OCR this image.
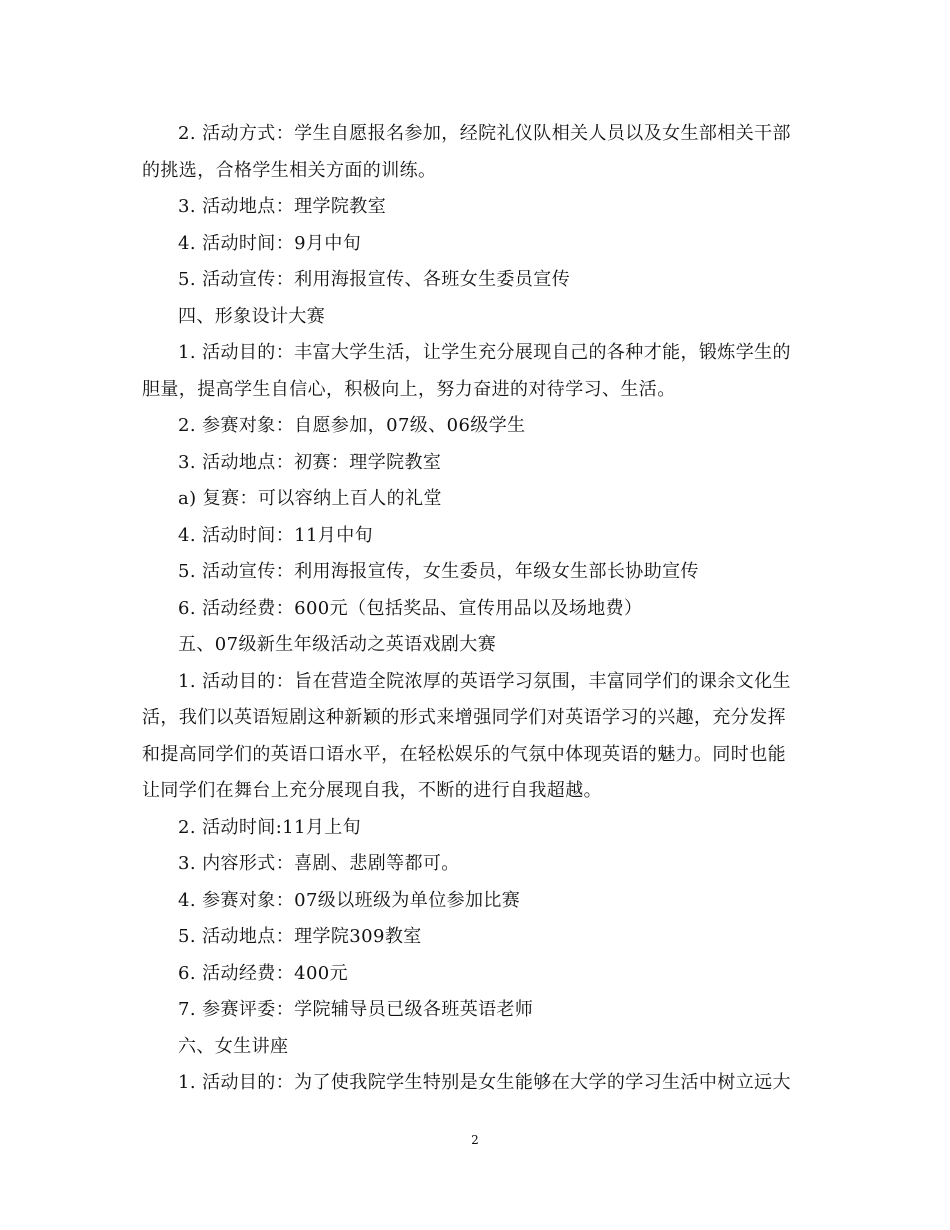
2. 活动方式：学生自愿报名参加，经院礼仪队相关人员以及女生部相关干部
的挑选，合格学生相关方面的训练。
3. 活动地点：理学院教室
4. 活动时间：9月中旬
5. 活动宣传：利用海报宣传、各班女生委员宣传
四、形象设计大赛
1. 活动目的：丰富大学生活，让学生充分展现自己的各种才能，锻炼学生的
胆量，提高学生自信心，积极向上，努力奋进的对待学习、生活。
2. 参赛对象：自愿参加，07级、06级学生
3. 活动地点：初赛：理学院教室
a) 复赛：可以容纳上百人的礼堂
4. 活动时间：11月中旬
5. 活动宣传：利用海报宣传，女生委员，年级女生部长协助宣传
6. 活动经费：600元（包括奖品、宣传用品以及场地费）
五、07级新生年级活动之英语戏剧大赛
1. 活动目的：旨在营造全院浓厚的英语学习氛围，丰富同学们的课余文化生
活，我们以英语短剧这种新颖的形式来增强同学们对英语学习的兴趣，充分发挥
和提高同学们的英语口语水平，在轻松娱乐的气氛中体现英语的魅力。同时也能
让同学们在舞台上充分展现自我，不断的进行自我超越。
2. 活动时间:11月上旬
3. 内容形式：喜剧、悲剧等都可。
4. 参赛对象：07级以班级为单位参加比赛
5. 活动地点：理学院309教室
6. 活动经费：400元
7. 参赛评委：学院辅导员已级各班英语老师
六、女生讲座
1. 活动目的：为了使我院学生特别是女生能够在大学的学习生活中树立远大
2
